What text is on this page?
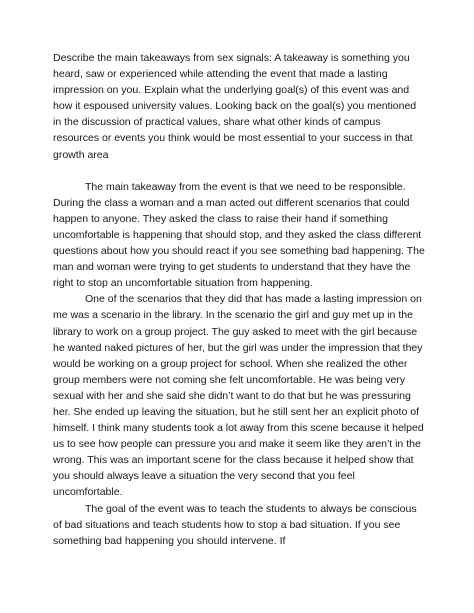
Describe the main takeaways from sex signals: A takeaway is something you heard, saw or experienced while attending the event that made a lasting impression on you. Explain what the underlying goal(s) of this event was and how it espoused university values. Looking back on the goal(s) you mentioned in the discussion of practical values, share what other kinds of campus resources or events you think would be most essential to your success in that growth area

The main takeaway from the event is that we need to be responsible. During the class a woman and a man acted out different scenarios that could happen to anyone. They asked the class to raise their hand if something uncomfortable is happening that should stop, and they asked the class different questions about how you should react if you see something bad happening. The man and woman were trying to get students to understand that they have the right to stop an uncomfortable situation from happening.

One of the scenarios that they did that has made a lasting impression on me was a scenario in the library. In the scenario the girl and guy met up in the library to work on a group project. The guy asked to meet with the girl because he wanted naked pictures of her, but the girl was under the impression that they would be working on a group project for school. When she realized the other group members were not coming she felt uncomfortable. He was being very sexual with her and she said she didn’t want to do that but he was pressuring her. She ended up leaving the situation, but he still sent her an explicit photo of himself. I think many students took a lot away from this scene because it helped us to see how people can pressure you and make it seem like they aren’t in the wrong. This was an important scene for the class because it helped show that you should always leave a situation the very second that you feel uncomfortable.

The goal of the event was to teach the students to always be conscious of bad situations and teach students how to stop a bad situation. If you see something bad happening you should intervene. If
